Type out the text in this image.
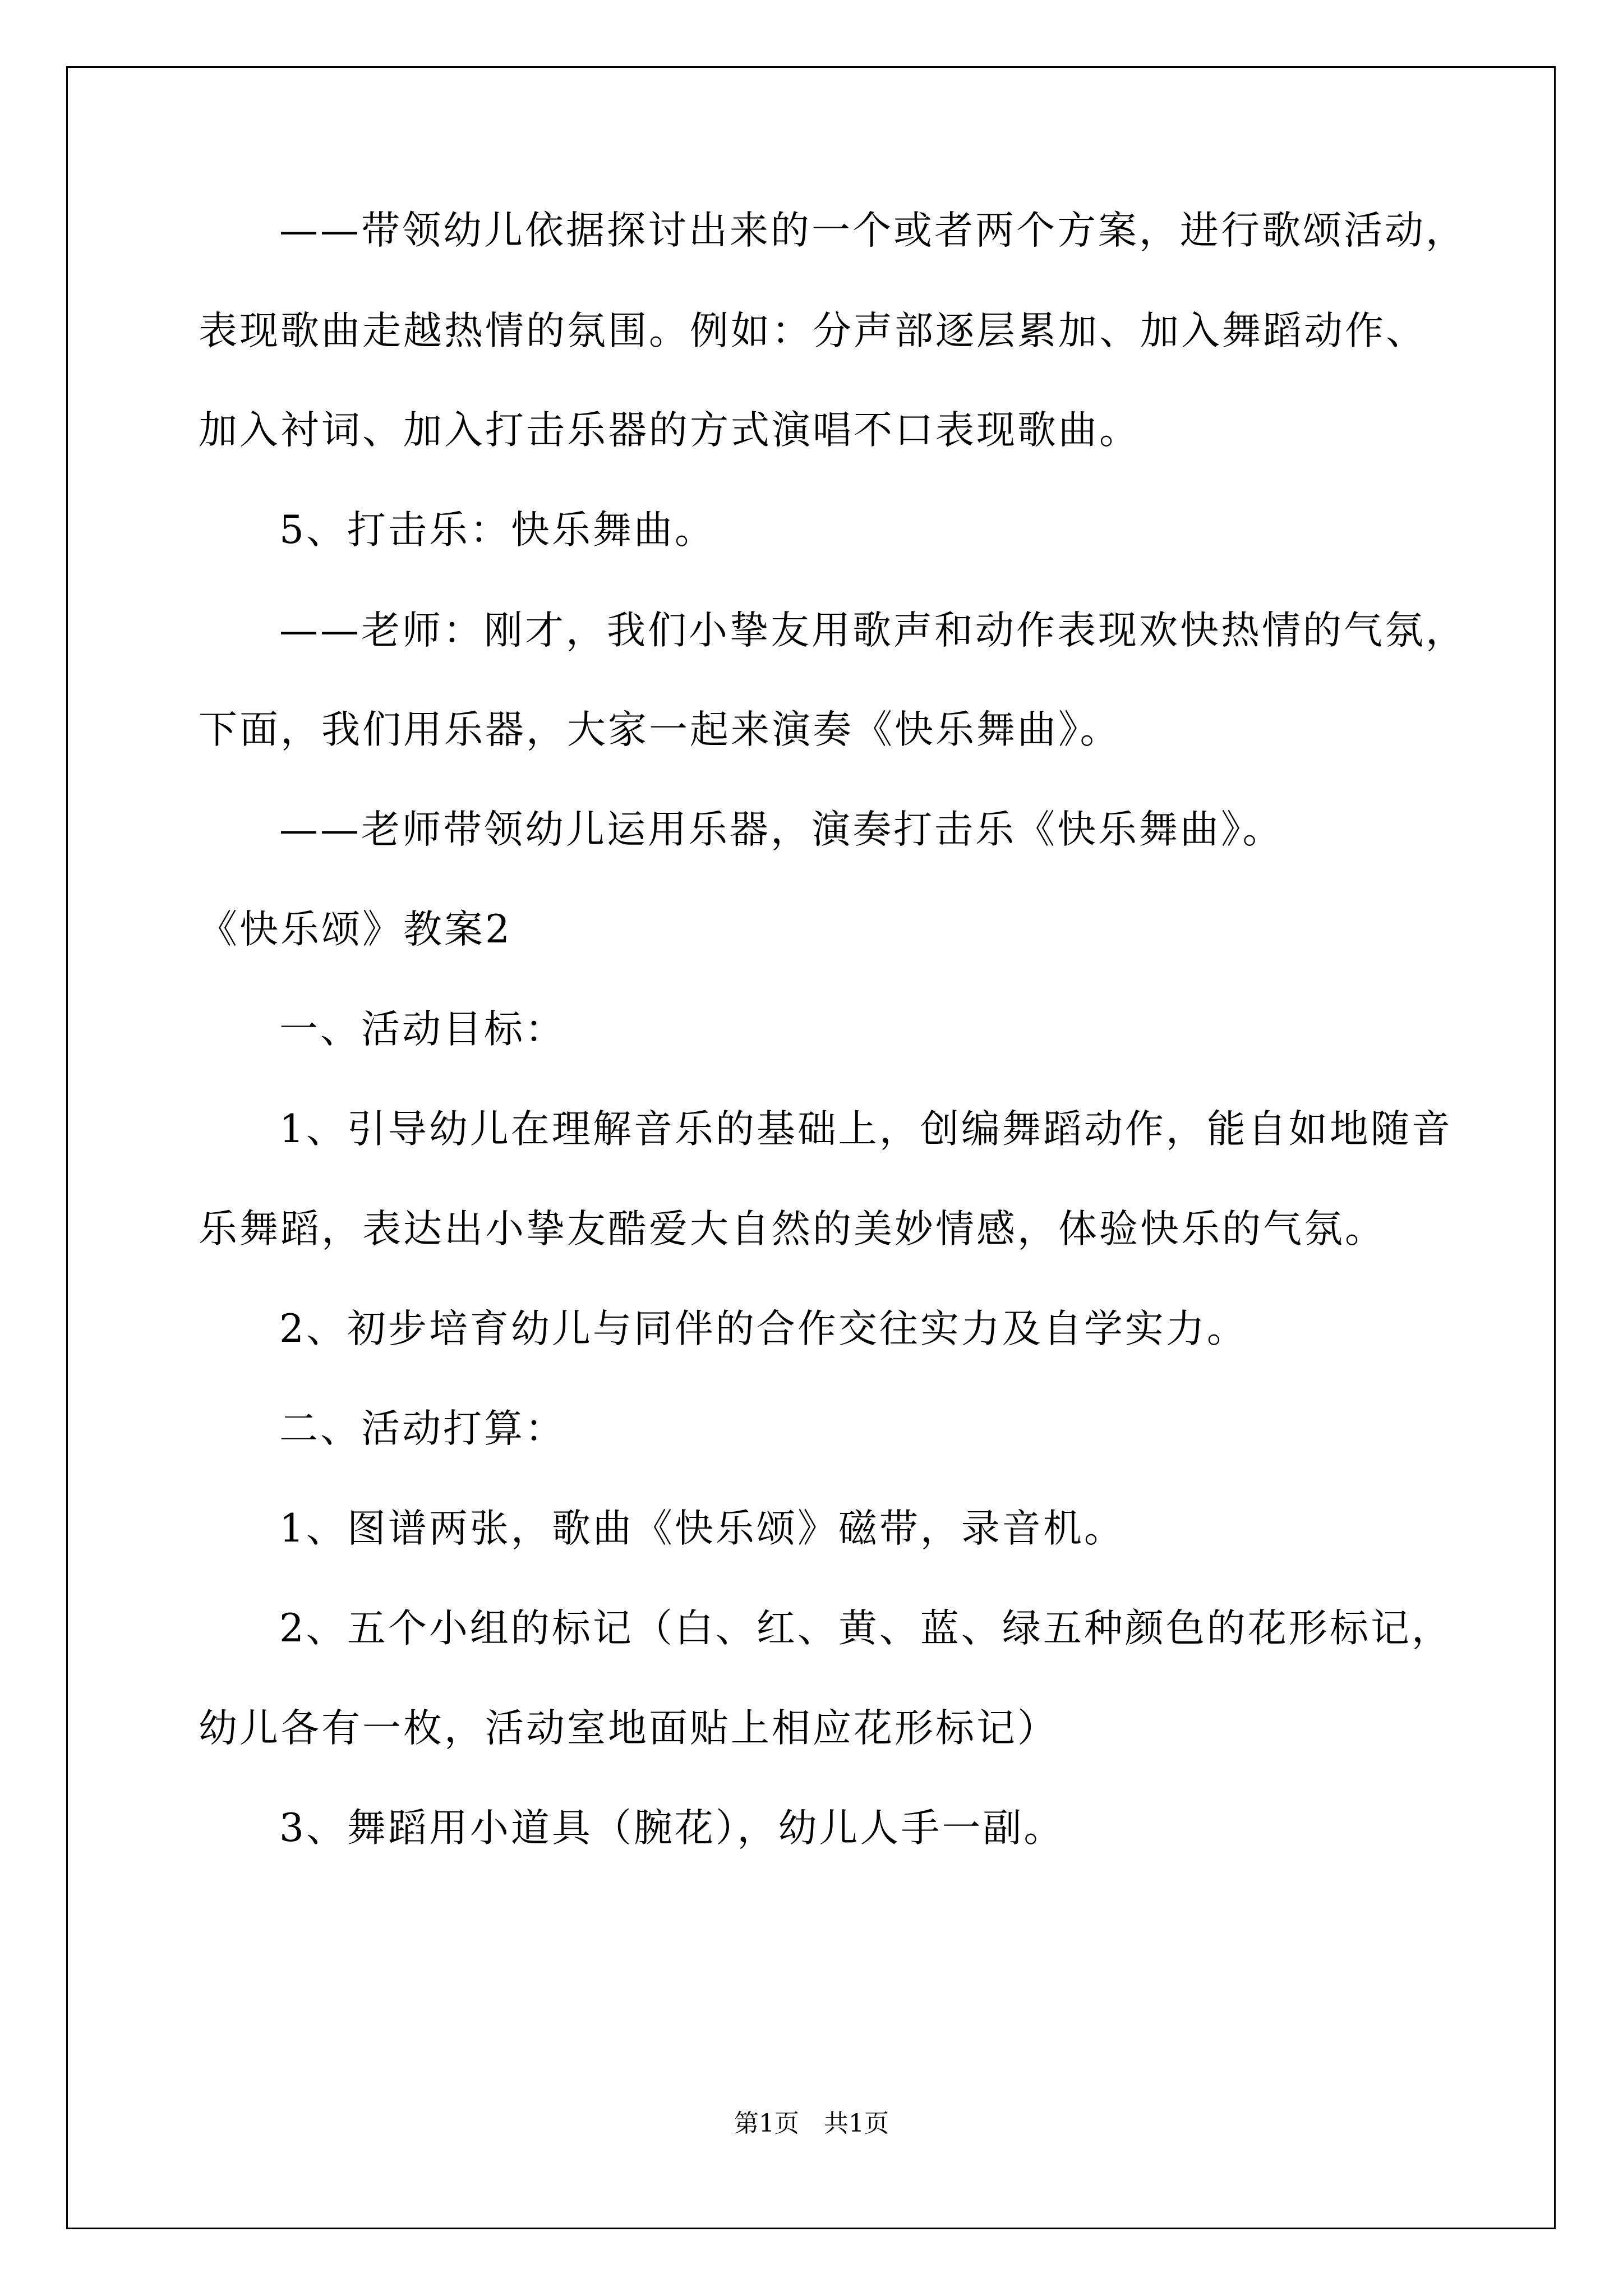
——带领幼儿依据探讨出来的一个或者两个方案，进行歌颂活动，
表现歌曲走越热情的氛围。例如：分声部逐层累加、加入舞蹈动作、
加入衬词、加入打击乐器的方式演唱不口表现歌曲。
5、打击乐：快乐舞曲。
——老师：刚才，我们小挚友用歌声和动作表现欢快热情的气氛，
下面，我们用乐器，大家一起来演奏《快乐舞曲》。
——老师带领幼儿运用乐器，演奏打击乐《快乐舞曲》。
《快乐颂》教案2
一、活动目标：
1、引导幼儿在理解音乐的基础上，创编舞蹈动作，能自如地随音
乐舞蹈，表达出小挚友酷爱大自然的美妙情感，体验快乐的气氛。
2、初步培育幼儿与同伴的合作交往实力及自学实力。
二、活动打算：
1、图谱两张，歌曲《快乐颂》磁带，录音机。
2、五个小组的标记（白、红、黄、蓝、绿五种颜色的花形标记，
幼儿各有一枚，活动室地面贴上相应花形标记）
3、舞蹈用小道具（腕花），幼儿人手一副。
第1页　共1页
